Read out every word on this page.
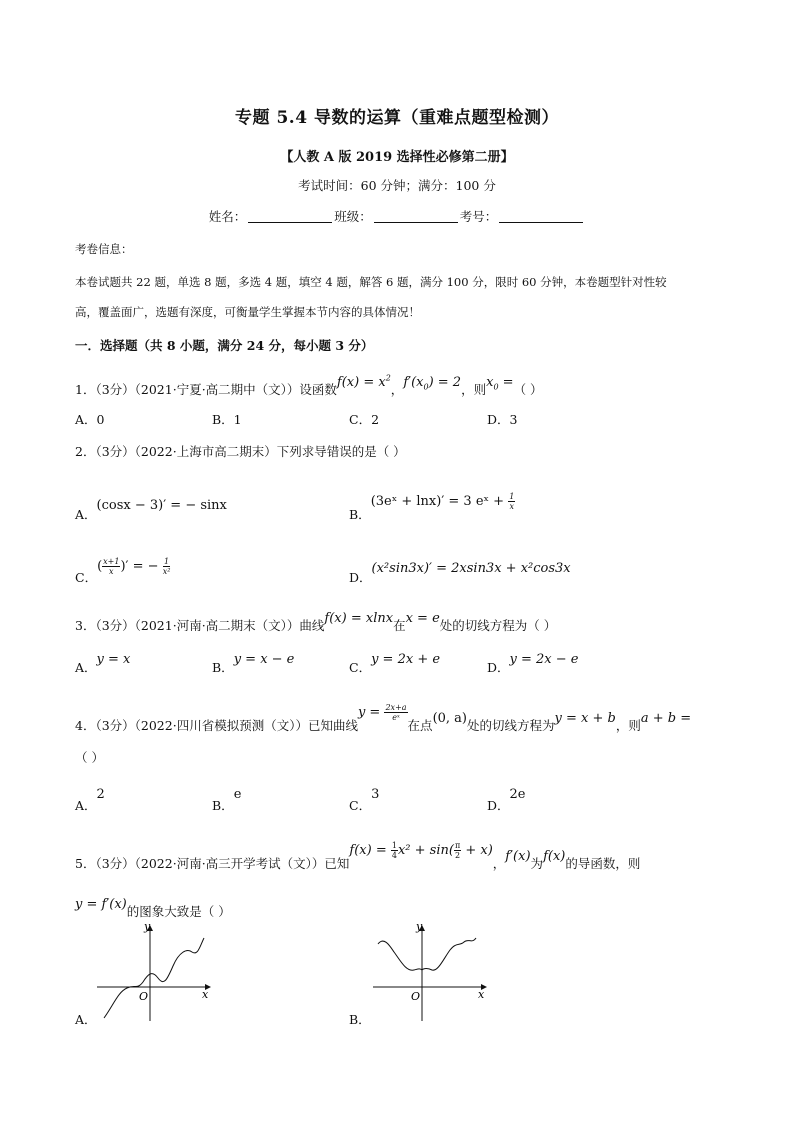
专题 5.4 导数的运算（重难点题型检测）
【人教 A 版 2019 选择性必修第二册】
考试时间：60 分钟；满分：100 分
姓名：	班级：	考号：
考卷信息：
本卷试题共 22 题，单选 8 题，多选 4 题，填空 4 题，解答 6 题，满分 100 分，限时 60 分钟，本卷题型针对性较
高，覆盖面广，选题有深度，可衡量学生掌握本节内容的具体情况！
一．选择题（共 8 小题，满分 24 分，每小题 3 分）
1．（3分）（2021·宁夏·高二期中（文））设函数$f(x) = x^2$，$f'(x_0) = 2$，则$x_0$ =（ ）
A．0	B．1	C．2	D．3
2．（3分）（2022·上海市高二期末）下列求导错误的是（ ）
A．(cosx − 3)′ = − sinx
B．(3eˣ + lnx)′ = 3 eˣ + $\frac{1}{x}$
C．( $\frac{x+1}{x}$ )′ = − $\frac{1}{\text{x²}}$
D．(x²sin3x)′ = 2xsin3x + x²cos3x
3．（3分）（2021·河南·高二期末（文））曲线f(x) = xlnx在x = e处的切线方程为（ ）
A．y = x
B．y = x − e
C．y = 2x + e
D．y = 2x − e
4．（3分）（2022·四川省模拟预测（文））已知曲线$y = \frac{2x+a}{\text{eˣ}}$
在点(0, a)处的切线方程为y = x + b，则a + b =
（ ）
A．2
B．e
C．3
D．2e
5．（3分）（2022·河南·高三开学考试（文））已知$f(x) = \frac{1}{4} x^2 + \sin( \frac{\pi}{2} + x)$，f′(x)为f(x)的导函数，则
y = f′(x)的图象大致是（ ）
A．
y
x
O
B．
y
x
O
